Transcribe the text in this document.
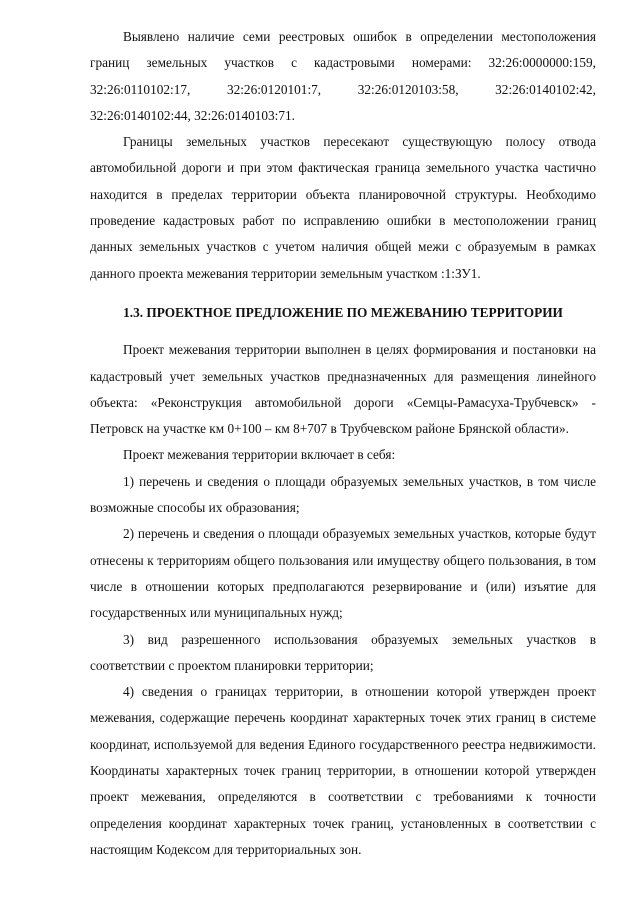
Выявлено наличие семи реестровых ошибок в определении местоположения границ земельных участков с кадастровыми номерами: 32:26:0000000:159, 32:26:0110102:17, 32:26:0120101:7, 32:26:0120103:58, 32:26:0140102:42, 32:26:0140102:44, 32:26:0140103:71.

Границы земельных участков пересекают существующую полосу отвода автомобильной дороги и при этом фактическая граница земельного участка частично находится в пределах территории объекта планировочной структуры. Необходимо проведение кадастровых работ по исправлению ошибки в местоположении границ данных земельных участков с учетом наличия общей межи с образуемым в рамках данного проекта межевания территории земельным участком :1:ЗУ1.

1.3. ПРОЕКТНОЕ ПРЕДЛОЖЕНИЕ ПО МЕЖЕВАНИЮ ТЕРРИТОРИИ

Проект межевания территории выполнен в целях формирования и постановки на кадастровый учет земельных участков предназначенных для размещения линейного объекта: «Реконструкция автомобильной дороги «Семцы-Рамасуха-Трубчевск» - Петровск на участке км 0+100 – км 8+707 в Трубчевском районе Брянской области».

Проект межевания территории включает в себя:

1) перечень и сведения о площади образуемых земельных участков, в том числе возможные способы их образования;

2) перечень и сведения о площади образуемых земельных участков, которые будут отнесены к территориям общего пользования или имуществу общего пользования, в том числе в отношении которых предполагаются резервирование и (или) изъятие для государственных или муниципальных нужд;

3) вид разрешенного использования образуемых земельных участков в соответствии с проектом планировки территории;

4) сведения о границах территории, в отношении которой утвержден проект межевания, содержащие перечень координат характерных точек этих границ в системе координат, используемой для ведения Единого государственного реестра недвижимости. Координаты характерных точек границ территории, в отношении которой утвержден проект межевания, определяются в соответствии с требованиями к точности определения координат характерных точек границ, установленных в соответствии с настоящим Кодексом для территориальных зон.
